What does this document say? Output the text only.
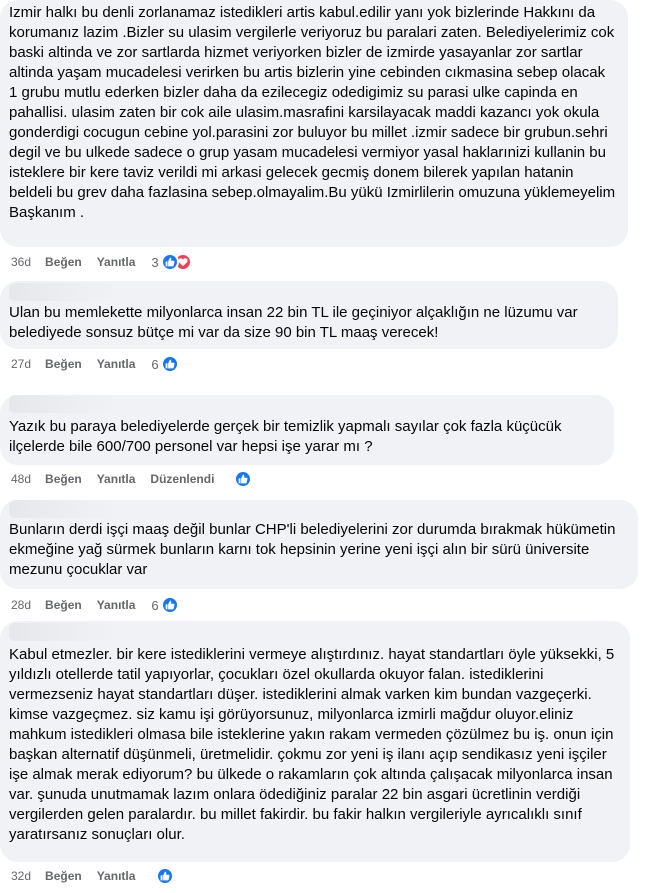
Izmir halkı bu denli zorlanamaz istedikleri artis kabul.edilir yanı yok bizlerinde Hakkını da korumanız lazim .Bizler su ulasim vergilerle veriyoruz bu paralari zaten. Belediyelerimiz cok baski altinda ve zor sartlarda hizmet veriyorken bizler de izmirde yasayanlar zor sartlar altinda yaşam mucadelesi verirken bu artis bizlerin yine cebinden cıkmasina sebep olacak 1 grubu mutlu ederken bizler daha da ezilecegiz odedigimiz su parasi ulke capinda en pahallisi. ulasim zaten bir cok aile ulasim.masrafini karsilayacak maddi kazancı yok okula gonderdigi cocugun cebine yol.parasini zor buluyor bu millet .izmir sadece bir grubun.sehri degil ve bu ulkede sadece o grup yasam mucadelesi vermiyor yasal haklarınizi kullanin bu isteklere bir kere taviz verildi mi arkasi gelecek gecmiş donem bilerek yapılan hatanin beldeli bu grev daha fazlasina sebep.olmayalim.Bu yükü Izmirlilerin omuzuna yüklemeyelim Başkanım .
36d Beğen Yanıtla 3
Ulan bu memlekette milyonlarca insan 22 bin TL ile geçiniyor alçaklığın ne lüzumu var belediyede sonsuz bütçe mi var da size 90 bin TL maaş verecek!
27d Beğen Yanıtla 6
Yazık bu paraya belediyelerde gerçek bir temizlik yapmalı sayılar çok fazla küçücük ilçelerde bile 600/700 personel var hepsi işe yarar mı ?
48d Beğen Yanıtla Düzenlendi
Bunların derdi işçi maaş değil bunlar CHP'li belediyelerini zor durumda bırakmak hükümetin ekmeğine yağ sürmek bunların karnı tok hepsinin yerine yeni işçi alın bir sürü üniversite mezunu çocuklar var
28d Beğen Yanıtla 6
Kabul etmezler. bir kere istediklerini vermeye alıştırdınız. hayat standartları öyle yüksekki, 5 yıldızlı otellerde tatil yapıyorlar, çocukları özel okullarda okuyor falan. istediklerini vermezseniz hayat standartları düşer. istediklerini almak varken kim bundan vazgeçerki. kimse vazgeçmez. siz kamu işi görüyorsunuz, milyonlarca izmirli mağdur oluyor.eliniz mahkum istedikleri olmasa bile isteklerine yakın rakam vermeden çözülmez bu iş. onun için başkan alternatif düşünmeli, üretmelidir. çokmu zor yeni iş ilanı açıp sendikasız yeni işçiler işe almak merak ediyorum? bu ülkede o rakamların çok altında çalışacak milyonlarca insan var. şunuda unutmamak lazım onlara ödediğiniz paralar 22 bin asgari ücretlinin verdiği vergilerden gelen paralardır. bu millet fakirdir. bu fakir halkın vergileriyle ayrıcalıklı sınıf yaratırsanız sonuçları olur.
32d Beğen Yanıtla
